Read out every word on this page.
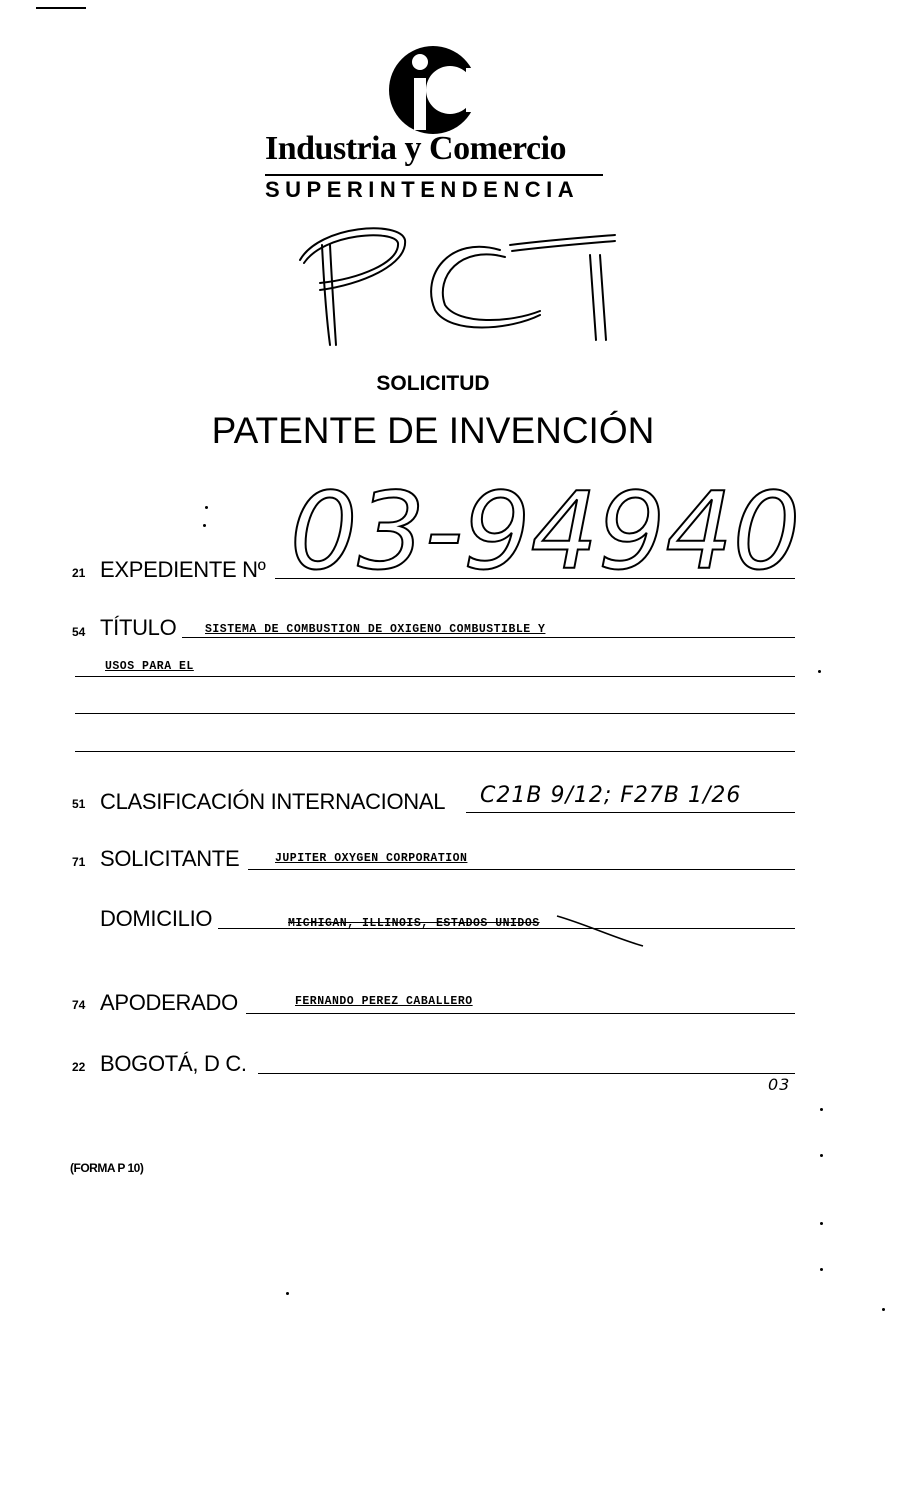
Industria y Comercio
SUPERINTENDENCIA
SOLICITUD
PATENTE DE INVENCIÓN
21 EXPEDIENTE Nº 03-94940
54 TÍTULO SISTEMA DE COMBUSTION DE OXIGENO COMBUSTIBLE Y
USOS PARA EL
51 CLASIFICACIÓN INTERNACIONAL C21B 9/12; F27B 1/26
71 SOLICITANTE	JUPITER OXYGEN CORPORATION
DOMICILIO	MICHIGAN, ILLINOIS, ESTADOS UNIDOS
74 APODERADO	FERNANDO PEREZ CABALLERO
22 BOGOTÁ, D C.
03
(FORMA P 10)
